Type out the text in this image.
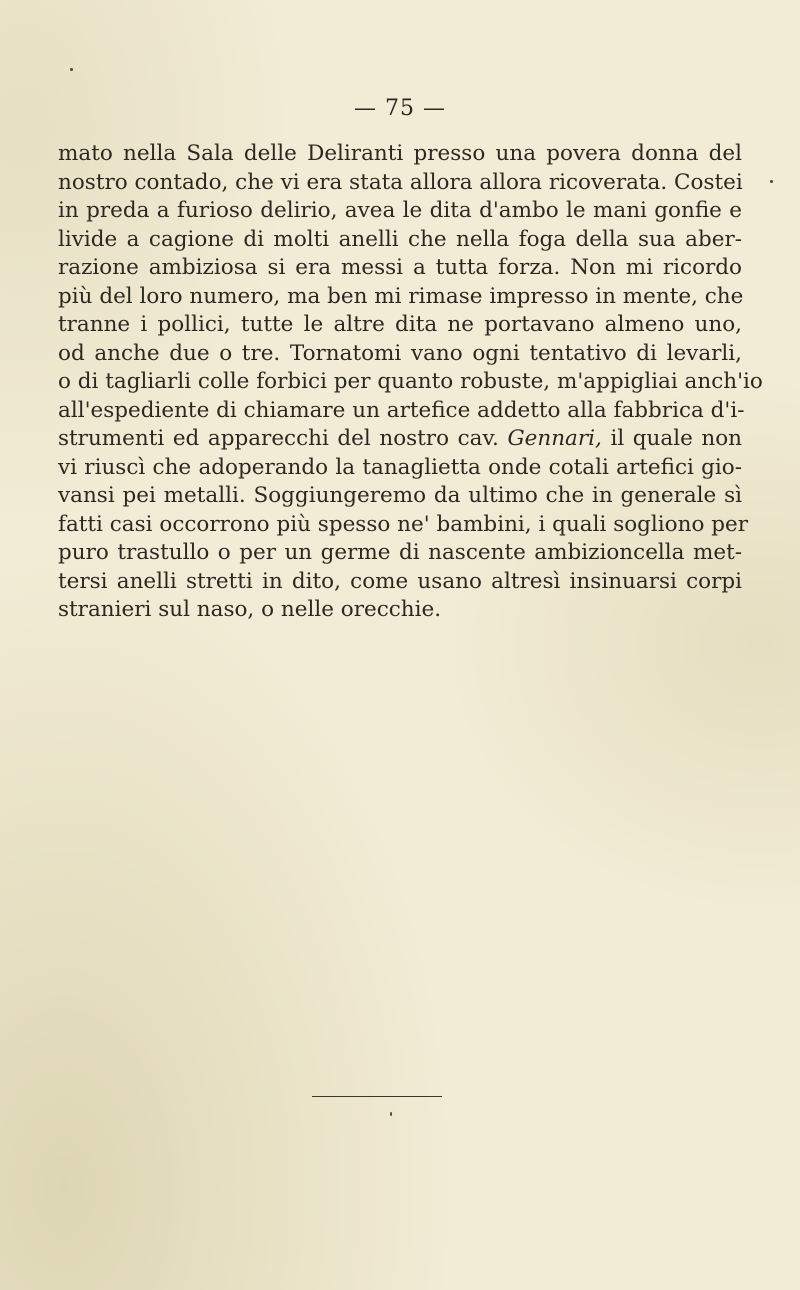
— 75 —
mato nella Sala delle Deliranti presso una povera donna del
nostro contado, che vi era stata allora allora ricoverata. Costei
in preda a furioso delirio, avea le dita d'ambo le mani gonfie e
livide a cagione di molti anelli che nella foga della sua aber-
razione ambiziosa si era messi a tutta forza. Non mi ricordo
più del loro numero, ma ben mi rimase impresso in mente, che
tranne i pollici, tutte le altre dita ne portavano almeno uno,
od anche due o tre. Tornatomi vano ogni tentativo di levarli,
o di tagliarli colle forbici per quanto robuste, m'appigliai anch'io
all'espediente di chiamare un artefice addetto alla fabbrica d'i-
strumenti ed apparecchi del nostro cav. Gennari, il quale non
vi riuscì che adoperando la tanaglietta onde cotali artefici gio-
vansi pei metalli. Soggiungeremo da ultimo che in generale sì
fatti casi occorrono più spesso ne' bambini, i quali sogliono per
puro trastullo o per un germe di nascente ambizioncella met-
tersi anelli stretti in dito, come usano altresì insinuarsi corpi
stranieri sul naso, o nelle orecchie.
